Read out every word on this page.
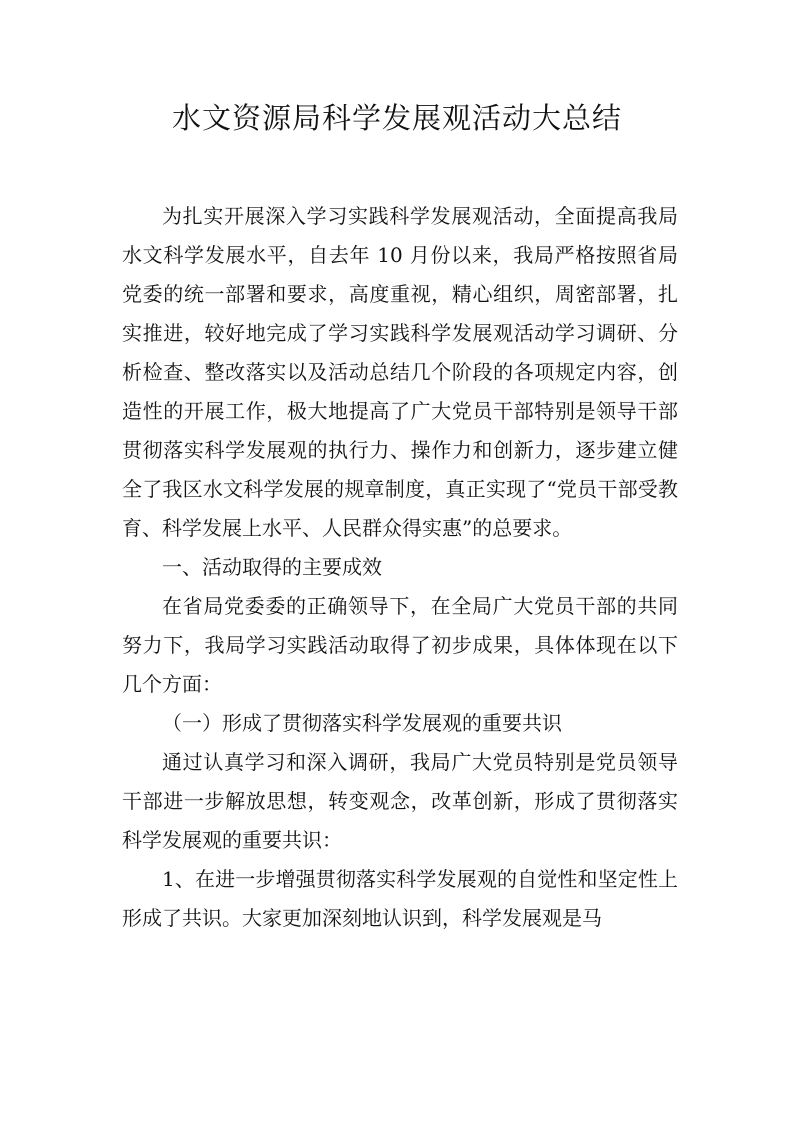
水文资源局科学发展观活动大总结

为扎实开展深入学习实践科学发展观活动，全面提高我局水文科学发展水平，自去年 10 月份以来，我局严格按照省局党委的统一部署和要求，高度重视，精心组织，周密部署，扎实推进，较好地完成了学习实践科学发展观活动学习调研、分析检查、整改落实以及活动总结几个阶段的各项规定内容，创造性的开展工作，极大地提高了广大党员干部特别是领导干部贯彻落实科学发展观的执行力、操作力和创新力，逐步建立健全了我区水文科学发展的规章制度，真正实现了“党员干部受教育、科学发展上水平、人民群众得实惠”的总要求。

一、活动取得的主要成效

在省局党委委的正确领导下，在全局广大党员干部的共同努力下，我局学习实践活动取得了初步成果，具体体现在以下几个方面：

（一）形成了贯彻落实科学发展观的重要共识

通过认真学习和深入调研，我局广大党员特别是党员领导干部进一步解放思想，转变观念，改革创新，形成了贯彻落实科学发展观的重要共识：

1、在进一步增强贯彻落实科学发展观的自觉性和坚定性上形成了共识。大家更加深刻地认识到，科学发展观是马
